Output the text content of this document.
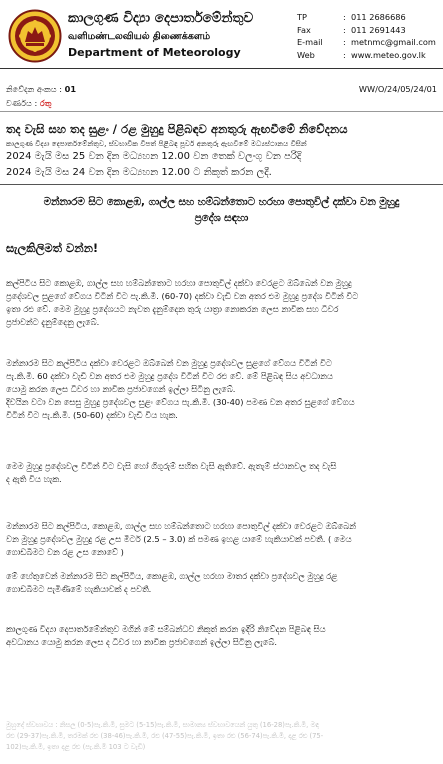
කාලගුණ විද්‍යා දෙපාර්තමේන්තුව
வளிமண்டலவியல் திணைக்களம்
Department of Meteorology
TP	: 011 2686686
Fax	: 011 2691443
E-mail	: metnmc@gmail.com
Web	: www.meteo.gov.lk
නිවේදන අංකය : 01	WW/O/24/05/24/01
වර්ණය : රතු
තද වැසි සහ තද සුළං / රළ මුහුදු පිළිබඳව අනතුරු ඇඟවීමේ නිවේදනය
කාලගුණ විද්‍යා දෙපාර්තමේන්තුව, ස්වභාවික විපත් පිළිබඳ පූර්ව අනතුරු ඇඟවීමේ මධ්‍යස්ථානය විසින්
2024 මැයි මස 25 වන දින මධ්‍යහන 12.00 වන තෙක් වලංගු වන පරිදි
2024 මැයි මස 24 වන දින මධ්‍යහන 12.00 ට නිකුත් කරන ලදී.
මන්නාරම සිට කොළඹ, ගාල්ල සහ හම්බන්තොට හරහා පොතුවිල් දක්වා වන මුහුදු
ප්‍රදේශ සඳහා
සැලකිලිමත් වන්න!
කල්පිටිය සිට කොළඹ, ගාල්ල සහ හම්බන්තොට හරහා පොතුවිල් දක්වා වෙරළට ඔබ්බෙන් වන මුහුදු
ප්‍රදේශවල සුළගේ වේගය විටින් විට පැ.කි.මී. (60-70) දක්වා වැඩි වන අතර එම මුහුදු ප්‍රදේශ විටින් විට
ඉතා රළු වේ. මෙම මුහුදු ප්‍රදේශයට නැවත දැනුම්දෙන තුරු යාත්‍රා නොකරන ලෙස නාවික සහ ධීවර
ප්‍රජාවන්ට දැනුම්දෙනු ලැබේ.
මන්නාරම සිට කල්පිටිය දක්වා වෙරළට ඔබ්බෙන් වන මුහුදු ප්‍රදේශවල සුළගේ වේගය විටින් විට
පැ.කි.මී. 60 දක්වා වැඩි වන අතර එම මුහුදු ප්‍රදේශ විටින් විට රළු වේ. මේ පිළිබඳ සිය අවධානය
යොමු කරන ලෙස ධීවර හා නාවික ප්‍රජාවගෙන් ඉල්ලා සිටිනු ලැබේ.
දිවයින වටා වන සෙසු මුහුදු ප්‍රදේශවල සුළං වේගය පැ.කි.මී. (30-40) පමණ වන අතර සුළගේ වේගය
විටින් විට පැ.කි.මී. (50-60) දක්වා වැඩි විය හැක.
මෙම මුහුදු ප්‍රදේශවල විටින් විට වැසි හෝ ගිගුරුම් සහිත වැසි ඇතිවේ. ඇතැම් ස්ථානවල තද වැසි
ද ඇති විය හැක.
මන්නාරම සිට කල්පිටිය, කොළඹ, ගාල්ල සහ හම්බන්තොට හරහා පොතුවිල් දක්වා වෙරළට ඔබ්බෙන්
වන මුහුදු ප්‍රදේශවල මුහුදු රළ උස මීටර් (2.5 – 3.0) ක් පමණ ඉහළ යාමේ හැකියාවක් පවතී. ( මෙය
ගොඩබිමට වන රළ උස නොවේ )
මේ හේතුවෙන් මන්නාරම සිට කල්පිටිය, කොළඹ, ගාල්ල හරහා මාතර දක්වා ප්‍රදේශවල මුහුදු රළ
ගොඩබිමට පැමිණීමේ හැකියාවක් ද පවතී.
කාලගුණ විද්‍යා දෙපාර්තමේන්තුව මගින් මේ සම්බන්ධව නිකුත් කරන ඉදිරි නිවේදන පිළිබඳ සිය
අවධානය යොමු කරන ලෙස ද ධීවර හා නාවික ප්‍රජාවගෙන් ඉල්ලා සිටිනු ලැබේ.
මුහුදේ ස්වභාවය : නිසල (0-5)පැ.කි.මී, සුමට (5-15)පැ.කි.මී, සාමාන්‍ය ස්වභාවයෙන් යුතු (16-28)පැ.කි.මී, මඳ
රළු (29-37)පැ.කි.මී, තරමක් රළු (38-46)පැ.කි.මී, රළු (47-55)පැ.කි.මී, ඉතා රළු (56-74)පැ.කි.මී, දළ රළු (75-
102)පැ.කි.මී, ඉතා දළ රළු (පැ.කි.මී 103 ට වැඩි)
